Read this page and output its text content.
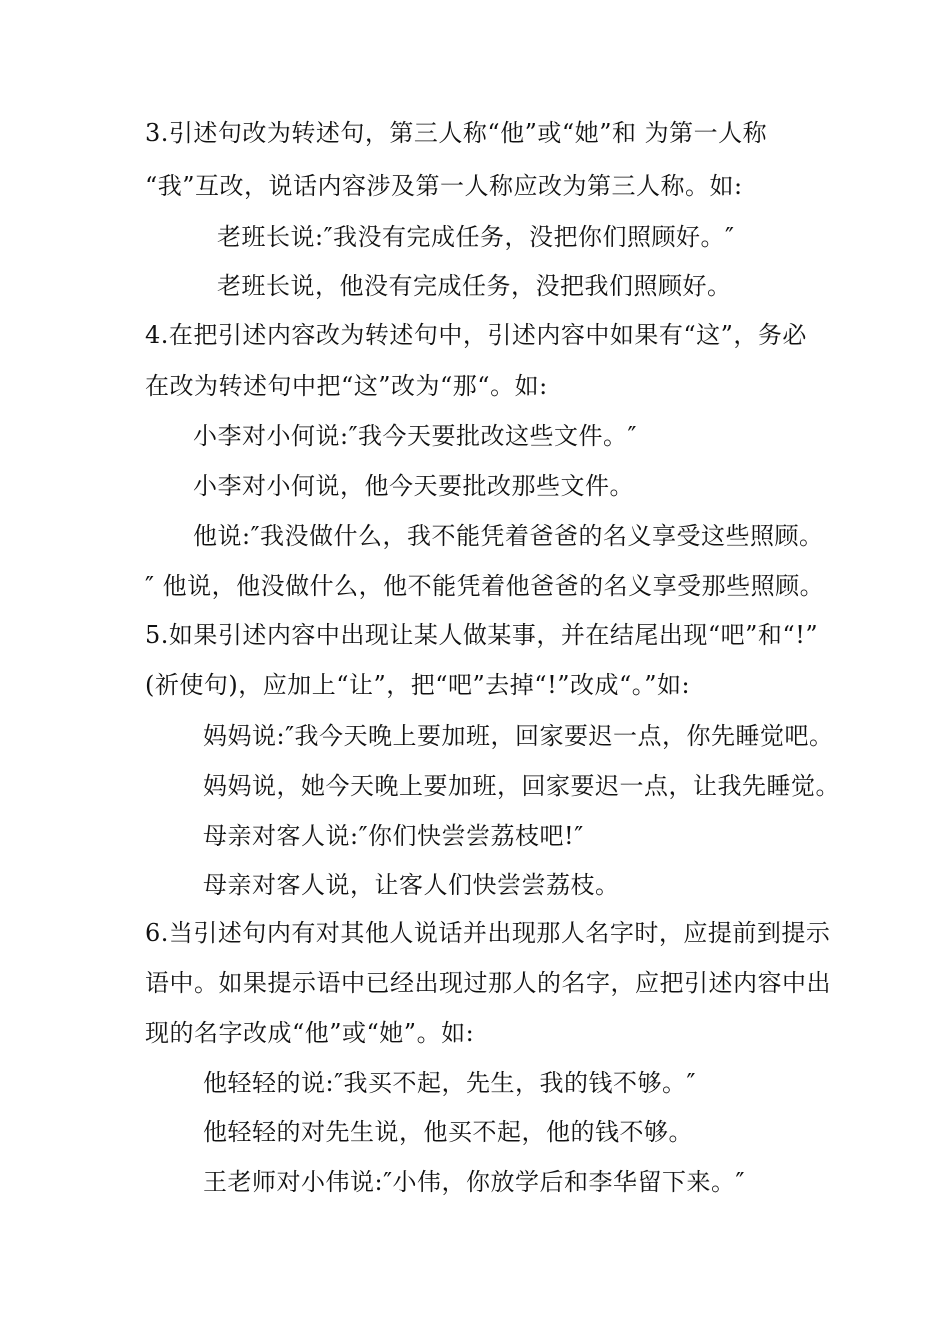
3.引述句改为转述句，第三人称“他”或“她”和 为第一人称
“我”互改，说话内容涉及第一人称应改为第三人称。如:
老班长说:″我没有完成任务，没把你们照顾好。″
老班长说，他没有完成任务，没把我们照顾好。
4.在把引述内容改为转述句中，引述内容中如果有“这”，务必
在改为转述句中把“这”改为“那“。如:
小李对小何说:″我今天要批改这些文件。″
小李对小何说，他今天要批改那些文件。
他说:″我没做什么，我不能凭着爸爸的名义享受这些照顾。
″ 他说，他没做什么，他不能凭着他爸爸的名义享受那些照顾。
5.如果引述内容中出现让某人做某事，并在结尾出现“吧”和“!”
(祈使句)，应加上“让”，把“吧”去掉“!”改成“。”如:
妈妈说:″我今天晚上要加班，回家要迟一点，你先睡觉吧。
妈妈说，她今天晚上要加班，回家要迟一点，让我先睡觉。
母亲对客人说:″你们快尝尝荔枝吧!″
母亲对客人说，让客人们快尝尝荔枝。
6.当引述句内有对其他人说话并出现那人名字时，应提前到提示
语中。如果提示语中已经出现过那人的名字，应把引述内容中出
现的名字改成“他”或“她”。如:
他轻轻的说:″我买不起，先生，我的钱不够。″
他轻轻的对先生说，他买不起，他的钱不够。
王老师对小伟说:″小伟，你放学后和李华留下来。″
